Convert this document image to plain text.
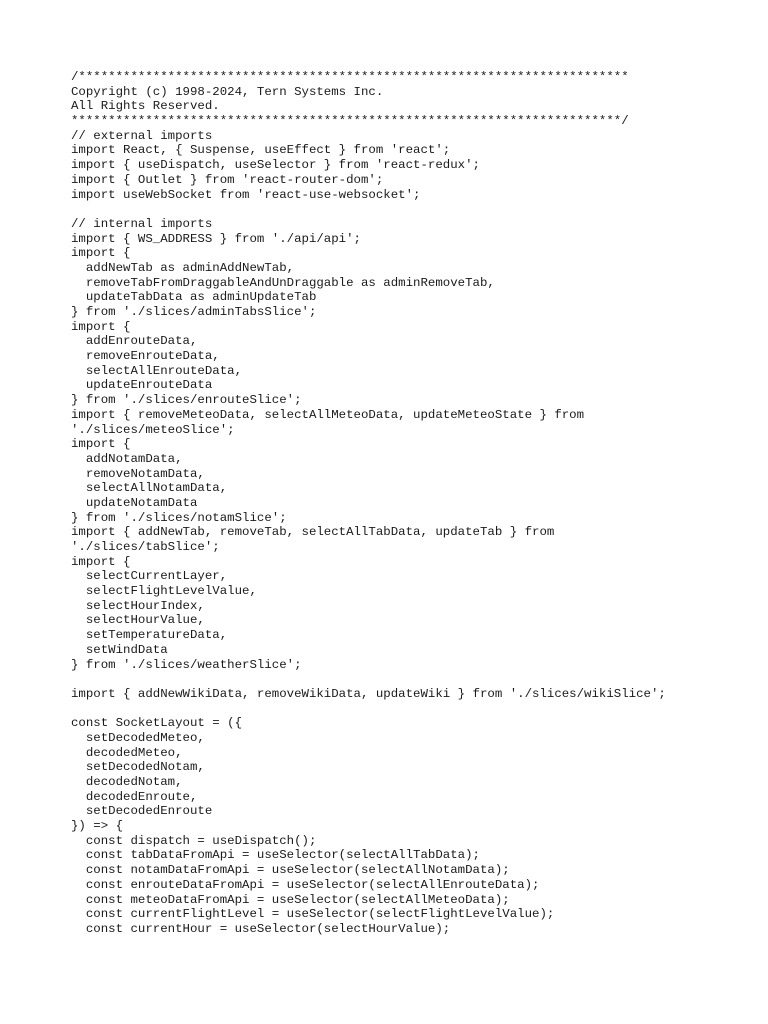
/**************************************************************************
Copyright (c) 1998-2024, Tern Systems Inc.
All Rights Reserved.
**************************************************************************/
// external imports
import React, { Suspense, useEffect } from 'react';
import { useDispatch, useSelector } from 'react-redux';
import { Outlet } from 'react-router-dom';
import useWebSocket from 'react-use-websocket';
// internal imports
import { WS_ADDRESS } from './api/api';
import {
addNewTab as adminAddNewTab,
removeTabFromDraggableAndUnDraggable as adminRemoveTab,
updateTabData as adminUpdateTab
} from './slices/adminTabsSlice';
import {
addEnrouteData,
removeEnrouteData,
selectAllEnrouteData,
updateEnrouteData
} from './slices/enrouteSlice';
import { removeMeteoData, selectAllMeteoData, updateMeteoState } from
'./slices/meteoSlice';
import {
addNotamData,
removeNotamData,
selectAllNotamData,
updateNotamData
} from './slices/notamSlice';
import { addNewTab, removeTab, selectAllTabData, updateTab } from
'./slices/tabSlice';
import {
selectCurrentLayer,
selectFlightLevelValue,
selectHourIndex,
selectHourValue,
setTemperatureData,
setWindData
} from './slices/weatherSlice';
import { addNewWikiData, removeWikiData, updateWiki } from './slices/wikiSlice';
const SocketLayout = ({
setDecodedMeteo,
decodedMeteo,
setDecodedNotam,
decodedNotam,
decodedEnroute,
setDecodedEnroute
}) => {
const dispatch = useDispatch();
const tabDataFromApi = useSelector(selectAllTabData);
const notamDataFromApi = useSelector(selectAllNotamData);
const enrouteDataFromApi = useSelector(selectAllEnrouteData);
const meteoDataFromApi = useSelector(selectAllMeteoData);
const currentFlightLevel = useSelector(selectFlightLevelValue);
const currentHour = useSelector(selectHourValue);
